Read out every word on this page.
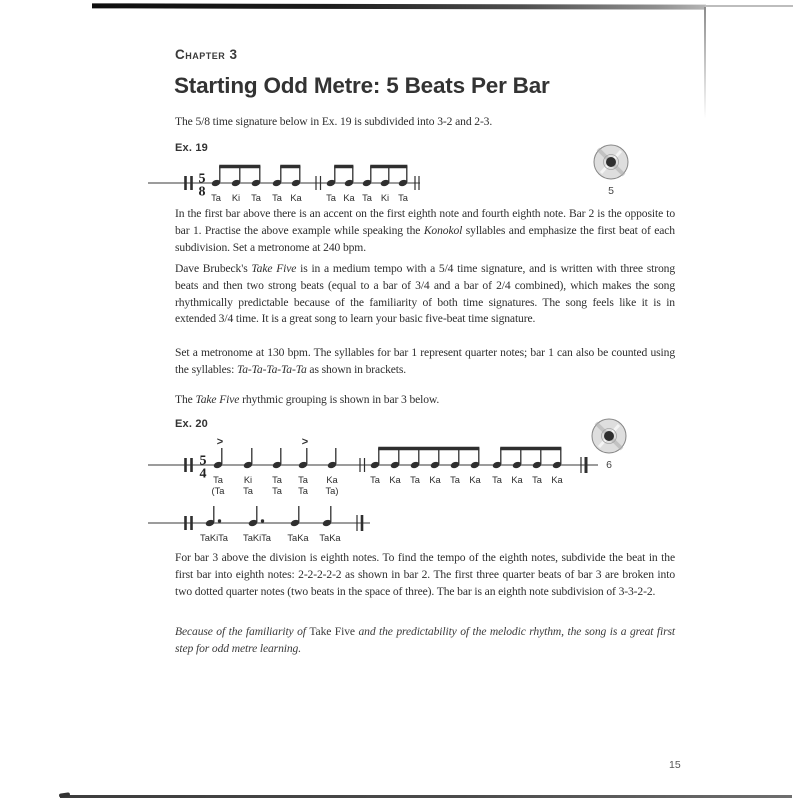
Chapter 3
Starting Odd Metre: 5 Beats Per Bar

The 5/8 time signature below in Ex. 19 is subdivided into 3-2 and 2-3.

Ex. 19
5
8 Ta Ki Ta Ta Ka	Ta Ka Ta Ki Ta
5

In the first bar above there is an accent on the first eighth note and fourth eighth note. Bar 2 is the opposite to bar 1. Practise the above example while speaking the Konokol syllables and emphasize the first beat of each subdivision. Set a metronome at 240 bpm.

Dave Brubeck's Take Five is in a medium tempo with a 5/4 time signature, and is written with three strong beats and then two strong beats (equal to a bar of 3/4 and a bar of 2/4 combined), which makes the song rhythmically predictable because of the familiarity of both time signatures. The song feels like it is in extended 3/4 time. It is a great song to learn your basic five-beat time signature.

Set a metronome at 130 bpm. The syllables for bar 1 represent quarter notes; bar 1 can also be counted using the syllables: Ta-Ta-Ta-Ta-Ta as shown in brackets.

The Take Five rhythmic grouping is shown in bar 3 below.

Ex. 20
5
4
>	>
Ta Ki Ta Ta Ka
(Ta Ta Ta Ta Ta)
Ta Ka Ta Ka Ta Ka Ta Ka Ta Ka
6
TaKiTa TaKiTa TaKa TaKa

For bar 3 above the division is eighth notes. To find the tempo of the eighth notes, subdivide the beat in the first bar into eighth notes: 2-2-2-2-2 as shown in bar 2. The first three quarter beats of bar 3 are broken into two dotted quarter notes (two beats in the space of three). The bar is an eighth note subdivision of 3-3-2-2.

Because of the familiarity of Take Five and the predictability of the melodic rhythm, the song is a great first step for odd metre learning.

15
